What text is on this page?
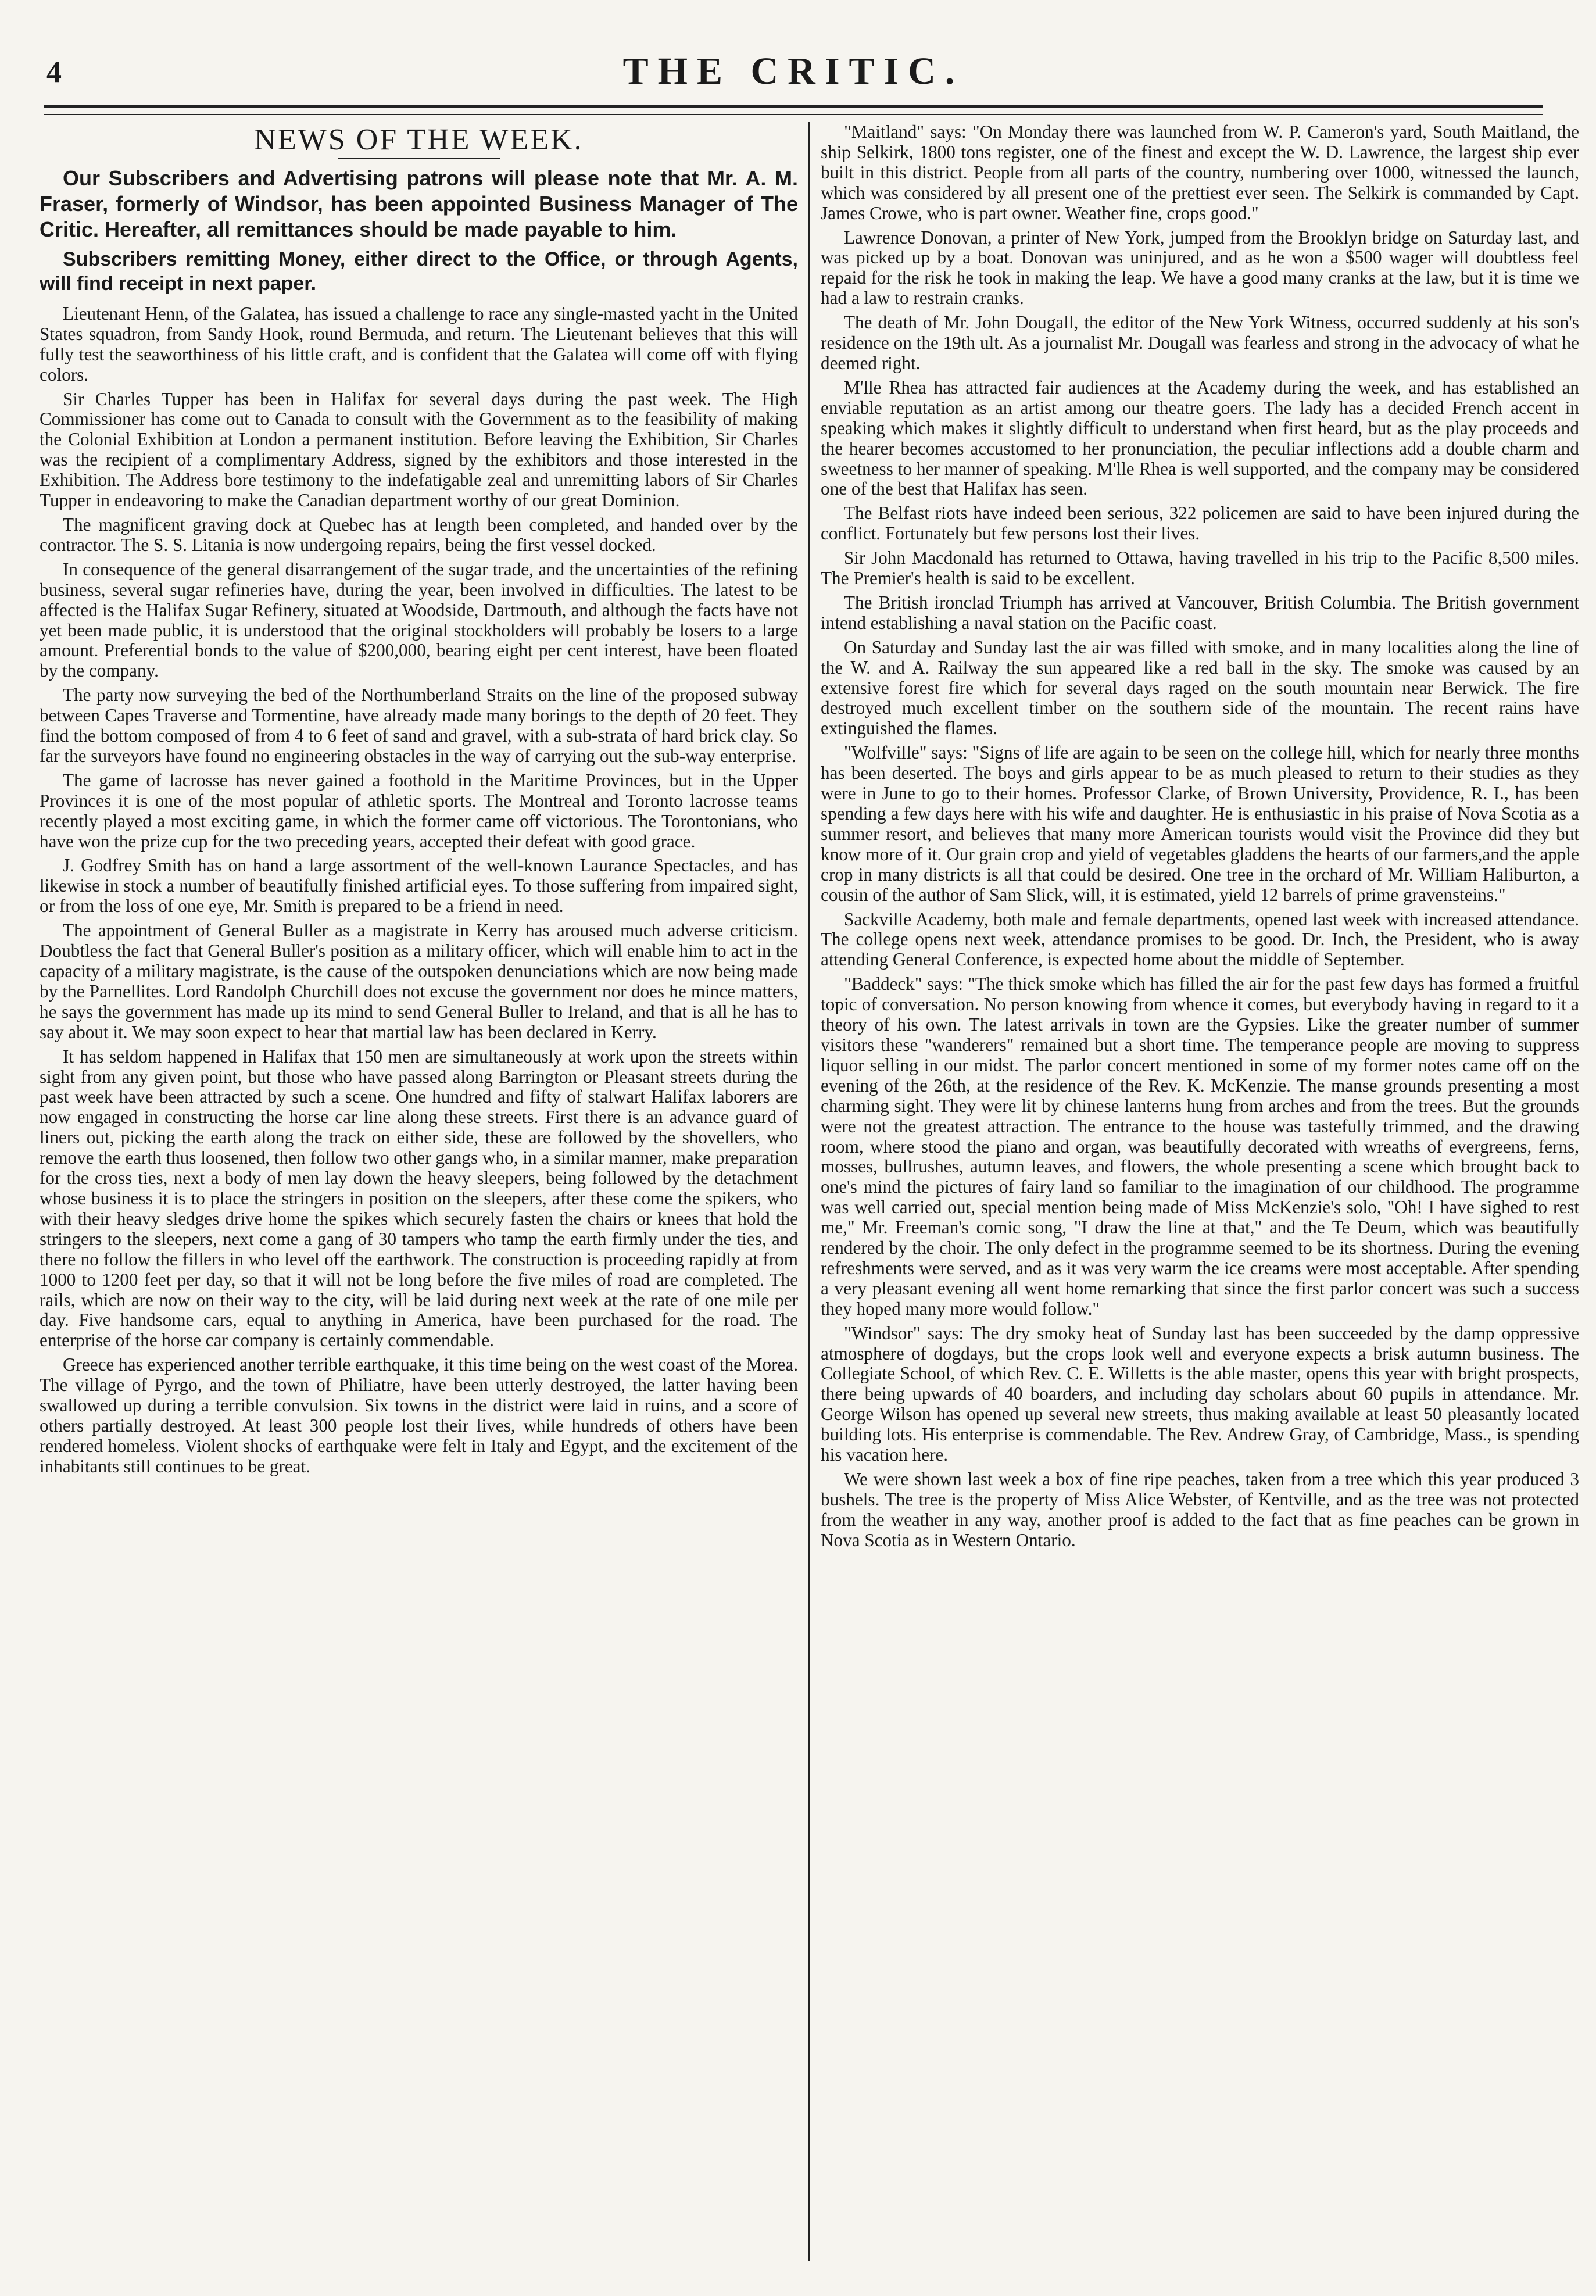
4	THE CRITIC.
NEWS OF THE WEEK.

Our Subscribers and Advertising patrons will please note that Mr. A. M. Fraser, formerly of Windsor, has been appointed Business Manager of The Critic. Hereafter, all remittances should be made payable to him.

Subscribers remitting Money, either direct to the Office, or through Agents, will find receipt in next paper.

Lieutenant Henn, of the Galatea, has issued a challenge to race any single-masted yacht in the United States squadron, from Sandy Hook, round Bermuda, and return. The Lieutenant believes that this will fully test the seaworthiness of his little craft, and is confident that the Galatea will come off with flying colors.

Sir Charles Tupper has been in Halifax for several days during the past week. The High Commissioner has come out to Canada to consult with the Government as to the feasibility of making the Colonial Exhibition at London a permanent institution. Before leaving the Exhibition, Sir Charles was the recipient of a complimentary Address, signed by the exhibitors and those interested in the Exhibition. The Address bore testimony to the indefatigable zeal and unremitting labors of Sir Charles Tupper in endeavoring to make the Canadian department worthy of our great Dominion.

The magnificent graving dock at Quebec has at length been completed, and handed over by the contractor. The S. S. Litania is now undergoing repairs, being the first vessel docked.

In consequence of the general disarrangement of the sugar trade, and the uncertainties of the refining business, several sugar refineries have, during the year, been involved in difficulties. The latest to be affected is the Halifax Sugar Refinery, situated at Woodside, Dartmouth, and although the facts have not yet been made public, it is understood that the original stockholders will probably be losers to a large amount. Preferential bonds to the value of $200,000, bearing eight per cent interest, have been floated by the company.

The party now surveying the bed of the Northumberland Straits on the line of the proposed subway between Capes Traverse and Tormentine, have already made many borings to the depth of 20 feet. They find the bottom composed of from 4 to 6 feet of sand and gravel, with a sub-strata of hard brick clay. So far the surveyors have found no engineering obstacles in the way of carrying out the sub-way enterprise.

The game of lacrosse has never gained a foothold in the Maritime Provinces, but in the Upper Provinces it is one of the most popular of athletic sports. The Montreal and Toronto lacrosse teams recently played a most exciting game, in which the former came off victorious. The Torontonians, who have won the prize cup for the two preceding years, accepted their defeat with good grace.

J. Godfrey Smith has on hand a large assortment of the well-known Laurance Spectacles, and has likewise in stock a number of beautifully finished artificial eyes. To those suffering from impaired sight, or from the loss of one eye, Mr. Smith is prepared to be a friend in need.

The appointment of General Buller as a magistrate in Kerry has aroused much adverse criticism. Doubtless the fact that General Buller's position as a military officer, which will enable him to act in the capacity of a military magistrate, is the cause of the outspoken denunciations which are now being made by the Parnellites. Lord Randolph Churchill does not excuse the government nor does he mince matters, he says the government has made up its mind to send General Buller to Ireland, and that is all he has to say about it. We may soon expect to hear that martial law has been declared in Kerry.

It has seldom happened in Halifax that 150 men are simultaneously at work upon the streets within sight from any given point, but those who have passed along Barrington or Pleasant streets during the past week have been attracted by such a scene. One hundred and fifty of stalwart Halifax laborers are now engaged in constructing the horse car line along these streets. First there is an advance guard of liners out, picking the earth along the track on either side, these are followed by the shovellers, who remove the earth thus loosened, then follow two other gangs who, in a similar manner, make preparation for the cross ties, next a body of men lay down the heavy sleepers, being followed by the detachment whose business it is to place the stringers in position on the sleepers, after these come the spikers, who with their heavy sledges drive home the spikes which securely fasten the chairs or knees that hold the stringers to the sleepers, next come a gang of 30 tampers who tamp the earth firmly under the ties, and there no follow the fillers in who level off the earthwork. The construction is proceeding rapidly at from 1000 to 1200 feet per day, so that it will not be long before the five miles of road are completed. The rails, which are now on their way to the city, will be laid during next week at the rate of one mile per day. Five handsome cars, equal to anything in America, have been purchased for the road. The enterprise of the horse car company is certainly commendable.

Greece has experienced another terrible earthquake, it this time being on the west coast of the Morea. The village of Pyrgo, and the town of Philiatre, have been utterly destroyed, the latter having been swallowed up during a terrible convulsion. Six towns in the district were laid in ruins, and a score of others partially destroyed. At least 300 people lost their lives, while hundreds of others have been rendered homeless. Violent shocks of earthquake were felt in Italy and Egypt, and the excitement of the inhabitants still continues to be great.

"Maitland" says: "On Monday there was launched from W. P. Cameron's yard, South Maitland, the ship Selkirk, 1800 tons register, one of the finest and except the W. D. Lawrence, the largest ship ever built in this district. People from all parts of the country, numbering over 1000, witnessed the launch, which was considered by all present one of the prettiest ever seen. The Selkirk is commanded by Capt. James Crowe, who is part owner. Weather fine, crops good."

Lawrence Donovan, a printer of New York, jumped from the Brooklyn bridge on Saturday last, and was picked up by a boat. Donovan was uninjured, and as he won a $500 wager will doubtless feel repaid for the risk he took in making the leap. We have a good many cranks at the law, but it is time we had a law to restrain cranks.

The death of Mr. John Dougall, the editor of the New York Witness, occurred suddenly at his son's residence on the 19th ult. As a journalist Mr. Dougall was fearless and strong in the advocacy of what he deemed right.

M'lle Rhea has attracted fair audiences at the Academy during the week, and has established an enviable reputation as an artist among our theatre goers. The lady has a decided French accent in speaking which makes it slightly difficult to understand when first heard, but as the play proceeds and the hearer becomes accustomed to her pronunciation, the peculiar inflections add a double charm and sweetness to her manner of speaking. M'lle Rhea is well supported, and the company may be considered one of the best that Halifax has seen.

The Belfast riots have indeed been serious, 322 policemen are said to have been injured during the conflict. Fortunately but few persons lost their lives.

Sir John Macdonald has returned to Ottawa, having travelled in his trip to the Pacific 8,500 miles. The Premier's health is said to be excellent.

The British ironclad Triumph has arrived at Vancouver, British Columbia. The British government intend establishing a naval station on the Pacific coast.

On Saturday and Sunday last the air was filled with smoke, and in many localities along the line of the W. and A. Railway the sun appeared like a red ball in the sky. The smoke was caused by an extensive forest fire which for several days raged on the south mountain near Berwick. The fire destroyed much excellent timber on the southern side of the mountain. The recent rains have extinguished the flames.

"Wolfville" says: "Signs of life are again to be seen on the college hill, which for nearly three months has been deserted. The boys and girls appear to be as much pleased to return to their studies as they were in June to go to their homes. Professor Clarke, of Brown University, Providence, R. I., has been spending a few days here with his wife and daughter. He is enthusiastic in his praise of Nova Scotia as a summer resort, and believes that many more American tourists would visit the Province did they but know more of it. Our grain crop and yield of vegetables gladdens the hearts of our farmers,and the apple crop in many districts is all that could be desired. One tree in the orchard of Mr. William Haliburton, a cousin of the author of Sam Slick, will, it is estimated, yield 12 barrels of prime gravensteins."

Sackville Academy, both male and female departments, opened last week with increased attendance. The college opens next week, attendance promises to be good. Dr. Inch, the President, who is away attending General Conference, is expected home about the middle of September.

"Baddeck" says: "The thick smoke which has filled the air for the past few days has formed a fruitful topic of conversation. No person knowing from whence it comes, but everybody having in regard to it a theory of his own. The latest arrivals in town are the Gypsies. Like the greater number of summer visitors these "wanderers" remained but a short time. The temperance people are moving to suppress liquor selling in our midst. The parlor concert mentioned in some of my former notes came off on the evening of the 26th, at the residence of the Rev. K. McKenzie. The manse grounds presenting a most charming sight. They were lit by chinese lanterns hung from arches and from the trees. But the grounds were not the greatest attraction. The entrance to the house was tastefully trimmed, and the drawing room, where stood the piano and organ, was beautifully decorated with wreaths of evergreens, ferns, mosses, bullrushes, autumn leaves, and flowers, the whole presenting a scene which brought back to one's mind the pictures of fairy land so familiar to the imagination of our childhood. The programme was well carried out, special mention being made of Miss McKenzie's solo, "Oh! I have sighed to rest me," Mr. Freeman's comic song, "I draw the line at that," and the Te Deum, which was beautifully rendered by the choir. The only defect in the programme seemed to be its shortness. During the evening refreshments were served, and as it was very warm the ice creams were most acceptable. After spending a very pleasant evening all went home remarking that since the first parlor concert was such a success they hoped many more would follow."

"Windsor" says: The dry smoky heat of Sunday last has been succeeded by the damp oppressive atmosphere of dogdays, but the crops look well and everyone expects a brisk autumn business. The Collegiate School, of which Rev. C. E. Willetts is the able master, opens this year with bright prospects, there being upwards of 40 boarders, and including day scholars about 60 pupils in attendance. Mr. George Wilson has opened up several new streets, thus making available at least 50 pleasantly located building lots. His enterprise is commendable. The Rev. Andrew Gray, of Cambridge, Mass., is spending his vacation here.

We were shown last week a box of fine ripe peaches, taken from a tree which this year produced 3 bushels. The tree is the property of Miss Alice Webster, of Kentville, and as the tree was not protected from the weather in any way, another proof is added to the fact that as fine peaches can be grown in Nova Scotia as in Western Ontario.
